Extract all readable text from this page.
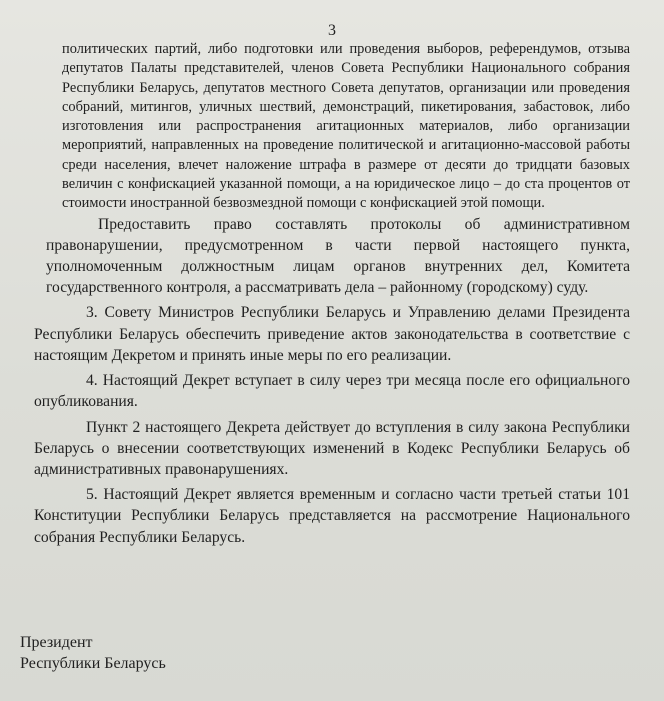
3
политических партий, либо подготовки или проведения выборов, референдумов, отзыва депутатов Палаты представителей, членов Совета Республики Национального собрания Республики Беларусь, депутатов местного Совета депутатов, организации или проведения собраний, митингов, уличных шествий, демонстраций, пикетирования, забастовок, либо изготовления или распространения агитационных материалов, либо организации мероприятий, направленных на проведение политической и агитационно-массовой работы среди населения, влечет наложение штрафа в размере от десяти до тридцати базовых величин с конфискацией указанной помощи, а на юридическое лицо – до ста процентов от стоимости иностранной безвозмездной помощи с конфискацией этой помощи.
Предоставить право составлять протоколы об административном правонарушении, предусмотренном в части первой настоящего пункта, уполномоченным должностным лицам органов внутренних дел, Комитета государственного контроля, а рассматривать дела – районному (городскому) суду.
3. Совету Министров Республики Беларусь и Управлению делами Президента Республики Беларусь обеспечить приведение актов законодательства в соответствие с настоящим Декретом и принять иные меры по его реализации.
4. Настоящий Декрет вступает в силу через три месяца после его официального опубликования.
Пункт 2 настоящего Декрета действует до вступления в силу закона Республики Беларусь о внесении соответствующих изменений в Кодекс Республики Беларусь об административных правонарушениях.
5. Настоящий Декрет является временным и согласно части третьей статьи 101 Конституции Республики Беларусь представляется на рассмотрение Национального собрания Республики Беларусь.
Президент
Республики Беларусь
